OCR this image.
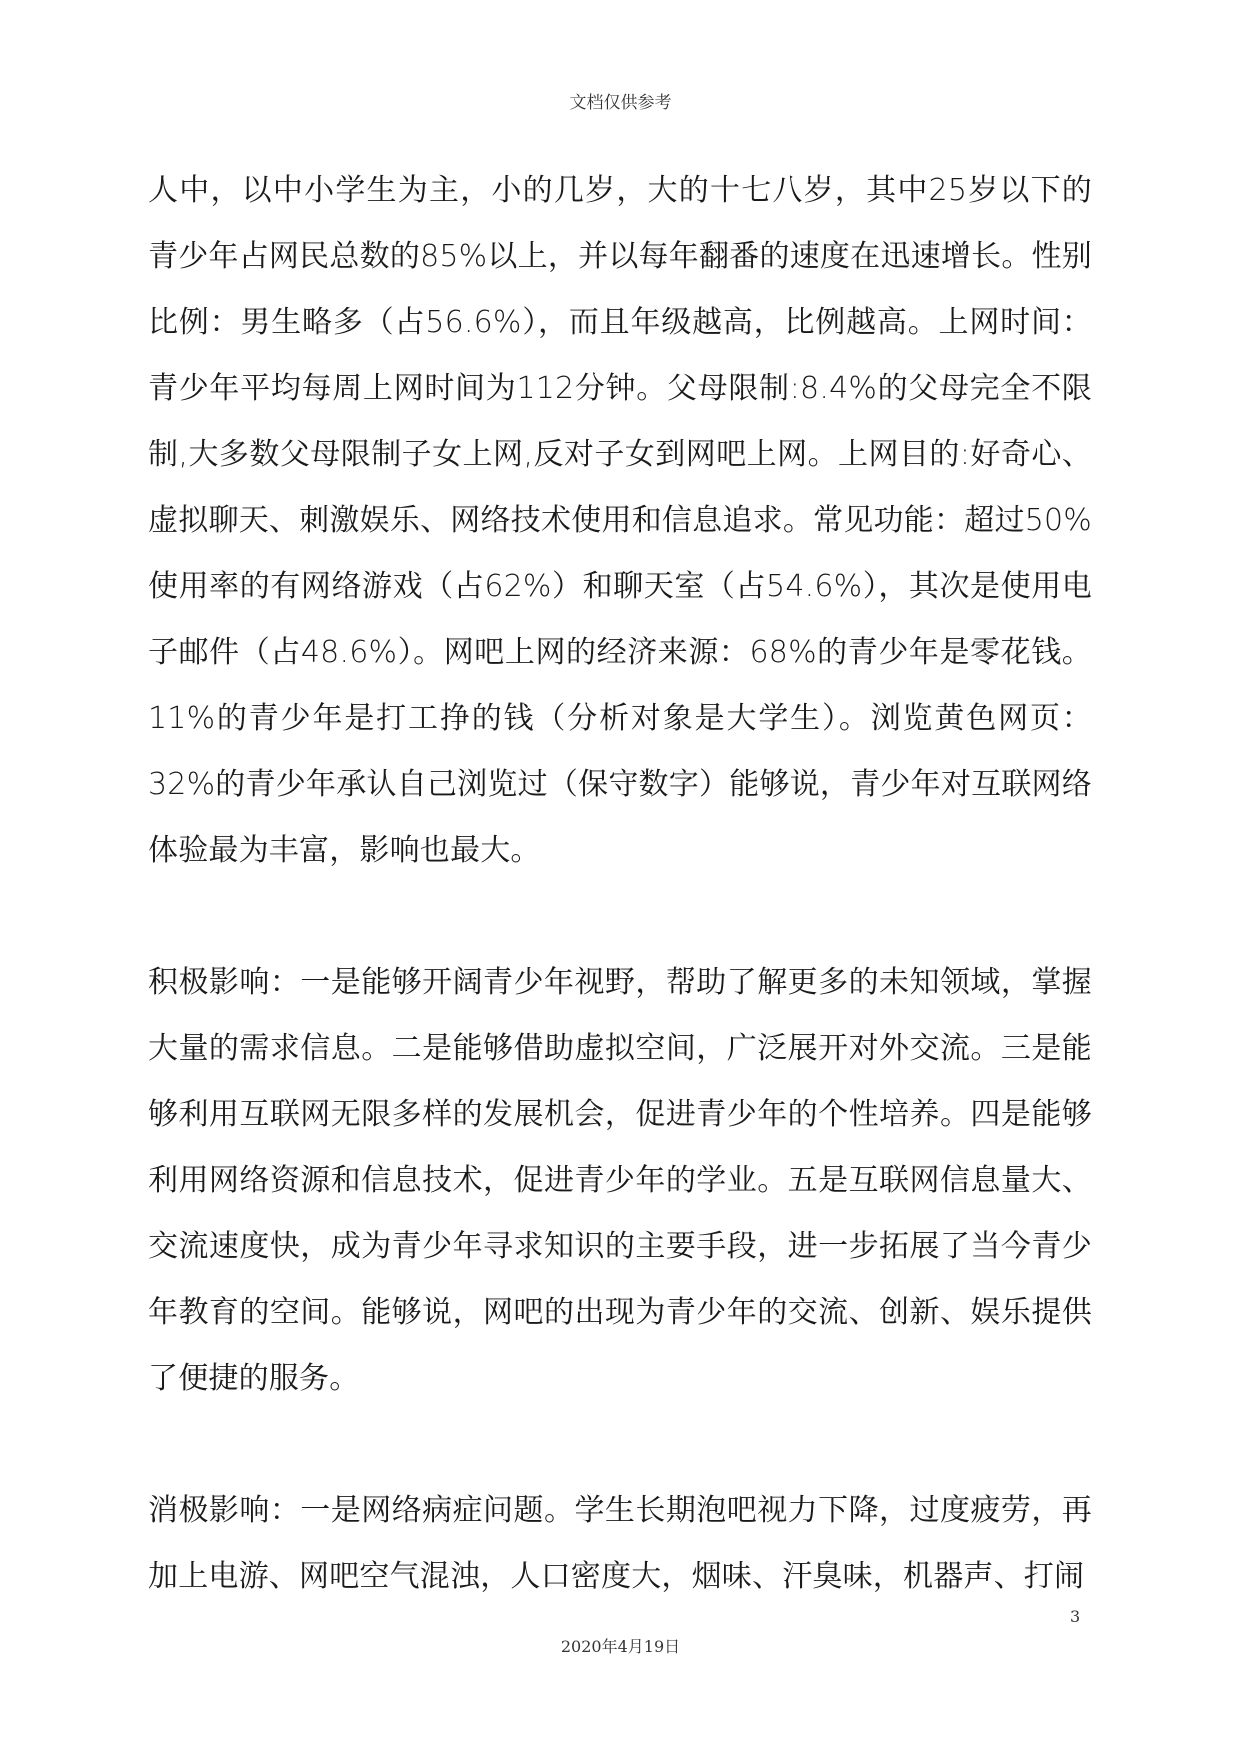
文档仅供参考

人中，以中小学生为主，小的几岁，大的十七八岁，其中25岁以下的青少年占网民总数的85%以上，并以每年翻番的速度在迅速增长。性别比例：男生略多（占56.6%），而且年级越高，比例越高。上网时间：青少年平均每周上网时间为112分钟。父母限制:8.4%的父母完全不限制,大多数父母限制子女上网,反对子女到网吧上网。上网目的:好奇心、虚拟聊天、刺激娱乐、网络技术使用和信息追求。常见功能：超过50%使用率的有网络游戏（占62%）和聊天室（占54.6%），其次是使用电子邮件（占48.6%）。网吧上网的经济来源：68%的青少年是零花钱。11%的青少年是打工挣的钱（分析对象是大学生）。浏览黄色网页：32%的青少年承认自己浏览过（保守数字）能够说，青少年对互联网络体验最为丰富，影响也最大。

积极影响：一是能够开阔青少年视野，帮助了解更多的未知领域，掌握大量的需求信息。二是能够借助虚拟空间，广泛展开对外交流。三是能够利用互联网无限多样的发展机会，促进青少年的个性培养。四是能够利用网络资源和信息技术，促进青少年的学业。五是互联网信息量大、交流速度快，成为青少年寻求知识的主要手段，进一步拓展了当今青少年教育的空间。能够说，网吧的出现为青少年的交流、创新、娱乐提供了便捷的服务。

消极影响：一是网络病症问题。学生长期泡吧视力下降，过度疲劳，再加上电游、网吧空气混浊，人口密度大，烟味、汗臭味，机器声、打闹

3
2020年4月19日
